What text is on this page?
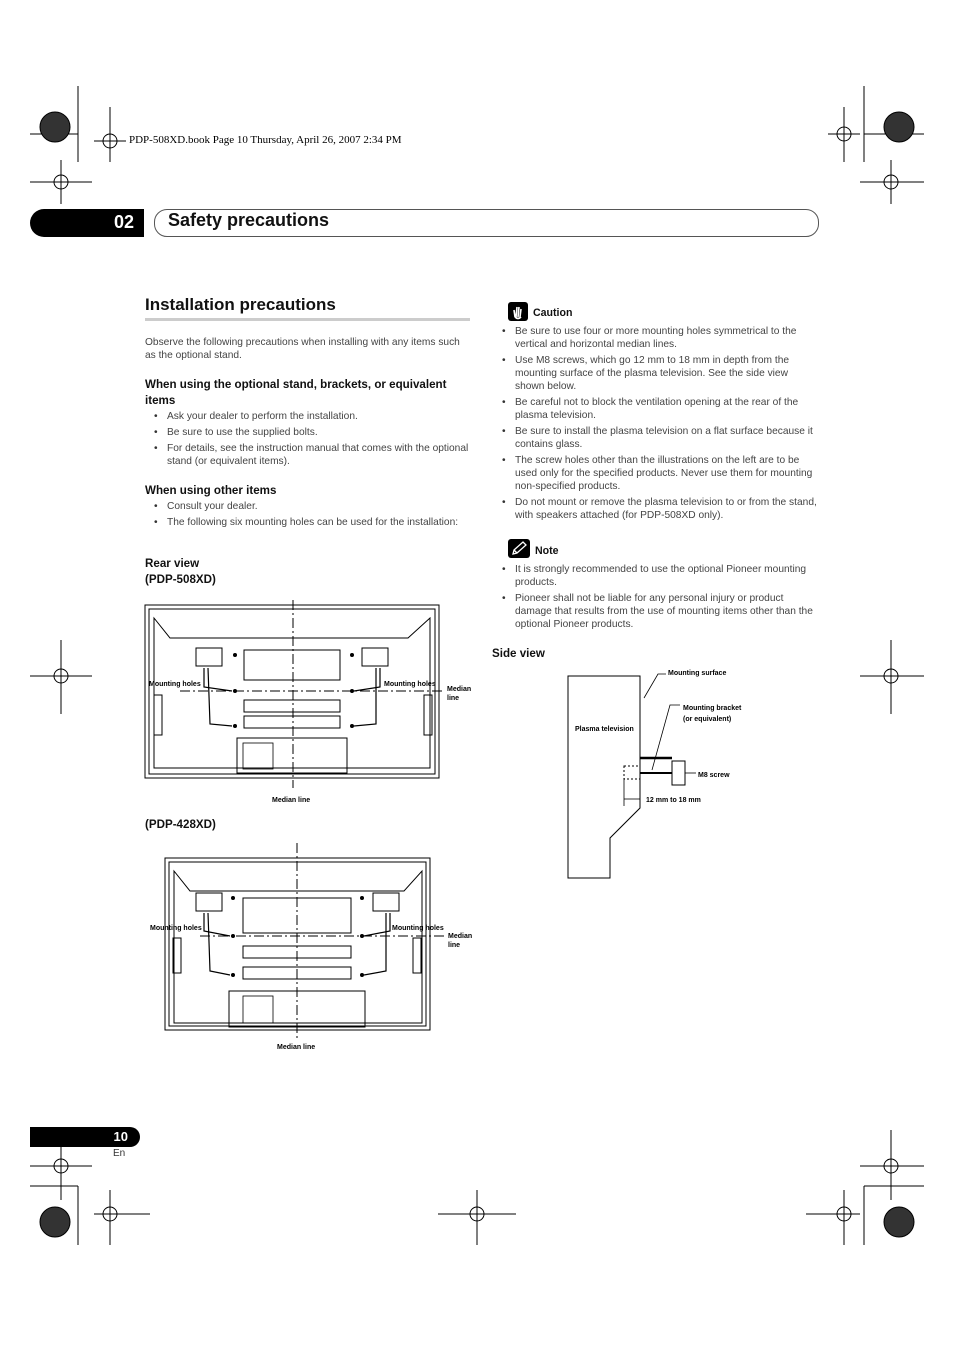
PDP-508XD.book Page 10 Thursday, April 26, 2007 2:34 PM
02 Safety precautions
Installation precautions
Observe the following precautions when installing with any items such as the optional stand.
When using the optional stand, brackets, or equivalent items
• Ask your dealer to perform the installation.
• Be sure to use the supplied bolts.
• For details, see the instruction manual that comes with the optional stand (or equivalent items).
When using other items
• Consult your dealer.
• The following six mounting holes can be used for the installation:
Rear view
(PDP-508XD)
Mounting holes	Mounting holes
Median
line
Median line
(PDP-428XD)
Mounting holes	Mounting holes
Median
line
Median line
Caution
• Be sure to use four or more mounting holes symmetrical to the vertical and horizontal median lines.
• Use M8 screws, which go 12 mm to 18 mm in depth from the mounting surface of the plasma television. See the side view shown below.
• Be careful not to block the ventilation opening at the rear of the plasma television.
• Be sure to install the plasma television on a flat surface because it contains glass.
• The screw holes other than the illustrations on the left are to be used only for the specified products. Never use them for mounting non-specified products.
• Do not mount or remove the plasma television to or from the stand, with speakers attached (for PDP-508XD only).
Note
• It is strongly recommended to use the optional Pioneer mounting products.
• Pioneer shall not be liable for any personal injury or product damage that results from the use of mounting items other than the optional Pioneer products.
Side view
Mounting surface
Mounting bracket
(or equivalent)
Plasma television
M8 screw
12 mm to 18 mm
10
En
